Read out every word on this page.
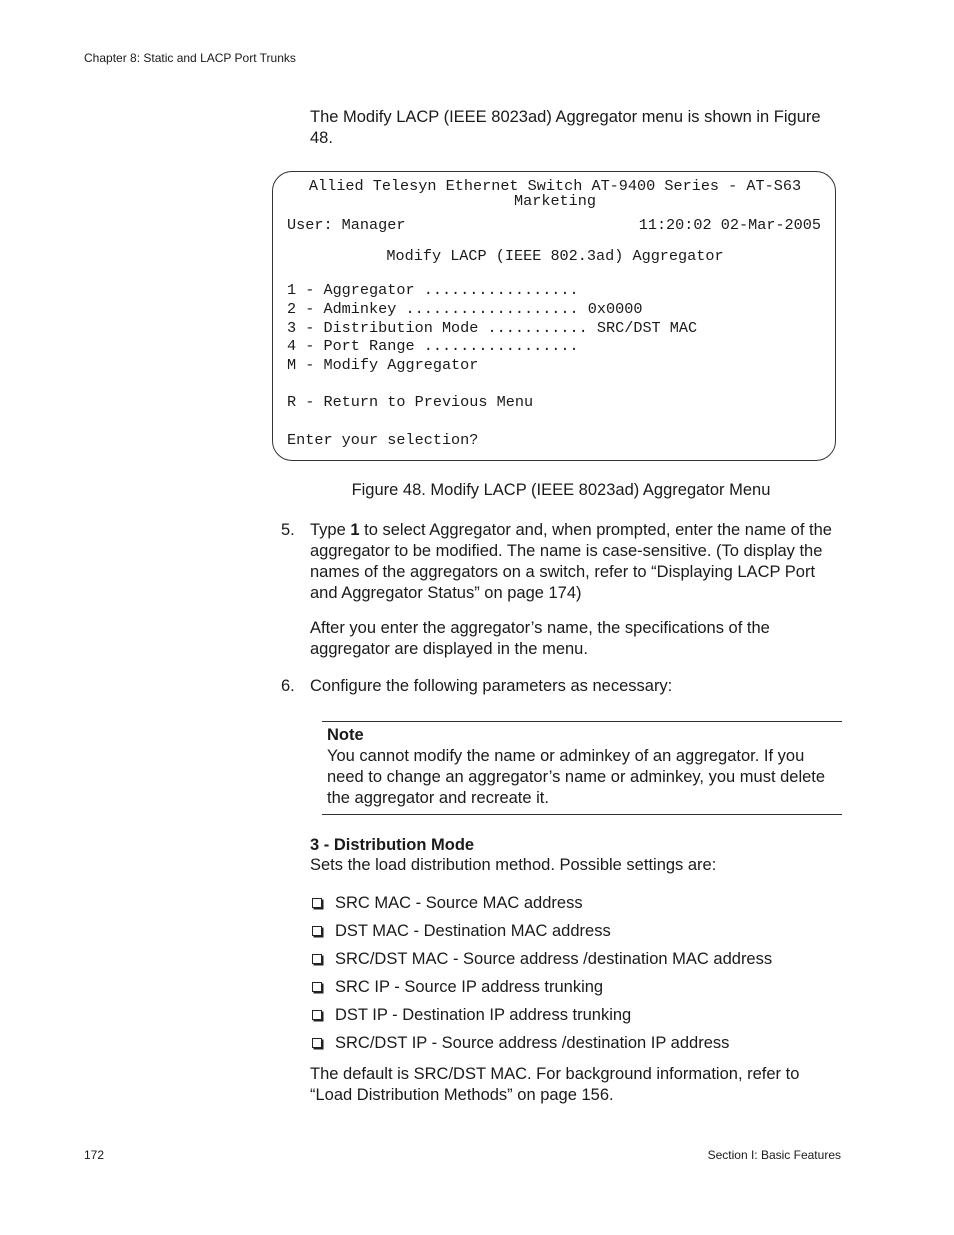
Chapter 8: Static and LACP Port Trunks

The Modify LACP (IEEE 8023ad) Aggregator menu is shown in Figure 48.

Allied Telesyn Ethernet Switch AT-9400 Series - AT-S63
Marketing
User: Manager	11:20:02 02-Mar-2005
Modify LACP (IEEE 802.3ad) Aggregator
1 - Aggregator .................
2 - Adminkey ................... 0x0000
3 - Distribution Mode ........... SRC/DST MAC
4 - Port Range .................
M - Modify Aggregator
R - Return to Previous Menu
Enter your selection?
Figure 48. Modify LACP (IEEE 8023ad) Aggregator Menu
5. Type 1 to select Aggregator and, when prompted, enter the name of the aggregator to be modified. The name is case-sensitive. (To display the names of the aggregators on a switch, refer to “Displaying LACP Port and Aggregator Status” on page 174)

After you enter the aggregator’s name, the specifications of the aggregator are displayed in the menu.

6. Configure the following parameters as necessary:

Note

You cannot modify the name or adminkey of an aggregator. If you need to change an aggregator’s name or adminkey, you must delete the aggregator and recreate it.

3 - Distribution Mode

Sets the load distribution method. Possible settings are:

SRC MAC - Source MAC address
DST MAC - Destination MAC address
SRC/DST MAC - Source address /destination MAC address
SRC IP - Source IP address trunking
DST IP - Destination IP address trunking
SRC/DST IP - Source address /destination IP address

The default is SRC/DST MAC. For background information, refer to “Load Distribution Methods” on page 156.

172	Section I: Basic Features
